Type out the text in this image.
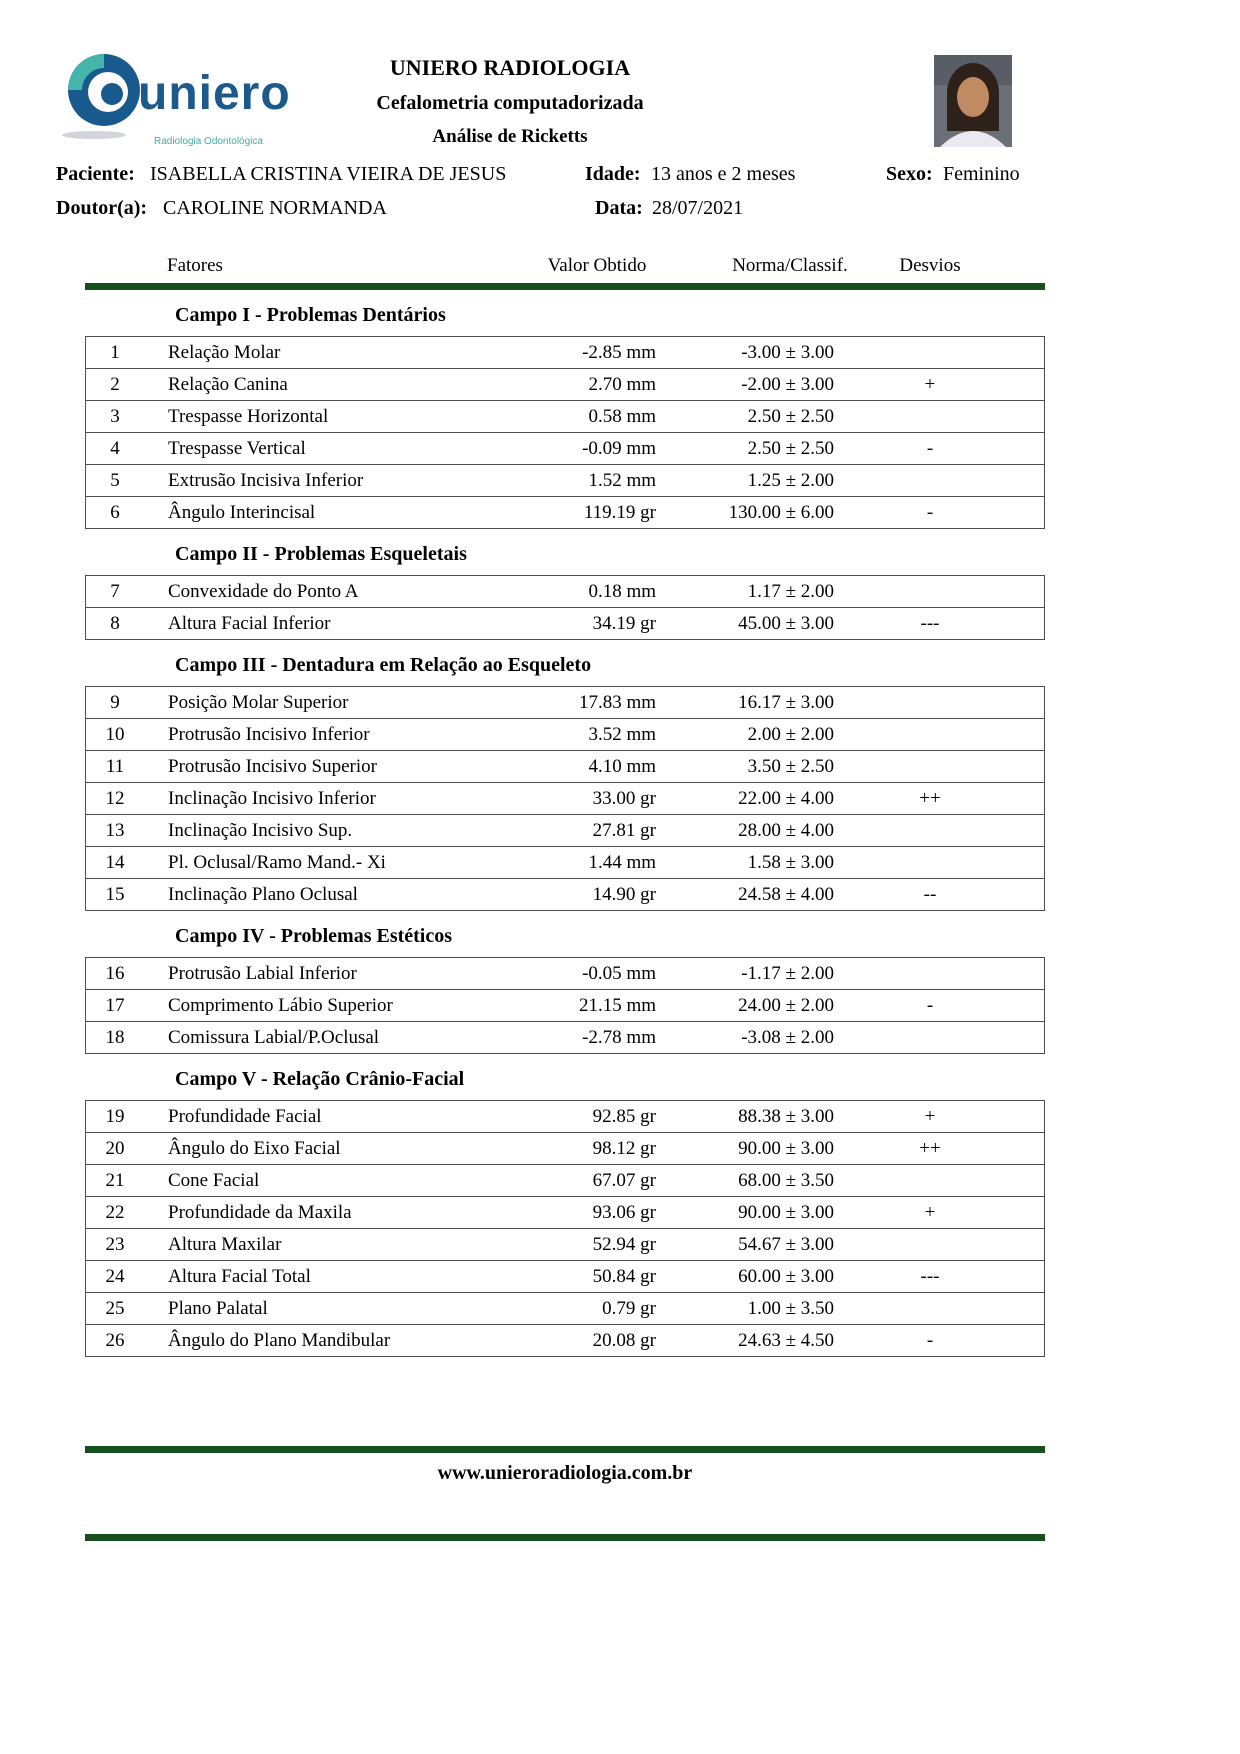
uniero
Radiologia Odontológica
UNIERO RADIOLOGIA
Cefalometria computadorizada
Análise de Ricketts
Paciente: ISABELLA CRISTINA VIEIRA DE JESUS	Idade: 13 anos e 2 meses	Sexo: Feminino
Doutor(a): CAROLINE NORMANDA	Data: 28/07/2021
Fatores	Valor Obtido	Norma/Classif.	Desvios
Campo I - Problemas Dentários
1	Relação Molar	-2.85 mm	-3.00 ± 3.00
2	Relação Canina	2.70 mm	-2.00 ± 3.00	+
3	Trespasse Horizontal	0.58 mm	2.50 ± 2.50
4	Trespasse Vertical	-0.09 mm	2.50 ± 2.50	-
5	Extrusão Incisiva Inferior	1.52 mm	1.25 ± 2.00
6	Ângulo Interincisal	119.19 gr	130.00 ± 6.00	-
Campo II - Problemas Esqueletais
7	Convexidade do Ponto A	0.18 mm	1.17 ± 2.00
8	Altura Facial Inferior	34.19 gr	45.00 ± 3.00	---
Campo III - Dentadura em Relação ao Esqueleto
9	Posição Molar Superior	17.83 mm	16.17 ± 3.00
10	Protrusão Incisivo Inferior	3.52 mm	2.00 ± 2.00
11	Protrusão Incisivo Superior	4.10 mm	3.50 ± 2.50
12	Inclinação Incisivo Inferior	33.00 gr	22.00 ± 4.00	++
13	Inclinação Incisivo Sup.	27.81 gr	28.00 ± 4.00
14	Pl. Oclusal/Ramo Mand.- Xi	1.44 mm	1.58 ± 3.00
15	Inclinação Plano Oclusal	14.90 gr	24.58 ± 4.00	--
Campo IV - Problemas Estéticos
16	Protrusão Labial Inferior	-0.05 mm	-1.17 ± 2.00
17	Comprimento Lábio Superior	21.15 mm	24.00 ± 2.00	-
18	Comissura Labial/P.Oclusal	-2.78 mm	-3.08 ± 2.00
Campo V - Relação Crânio-Facial
19	Profundidade Facial	92.85 gr	88.38 ± 3.00	+
20	Ângulo do Eixo Facial	98.12 gr	90.00 ± 3.00	++
21	Cone Facial	67.07 gr	68.00 ± 3.50
22	Profundidade da Maxila	93.06 gr	90.00 ± 3.00	+
23	Altura Maxilar	52.94 gr	54.67 ± 3.00
24	Altura Facial Total	50.84 gr	60.00 ± 3.00	---
25	Plano Palatal	0.79 gr	1.00 ± 3.50
26	Ângulo do Plano Mandibular	20.08 gr	24.63 ± 4.50	-
www.unieroradiologia.com.br
